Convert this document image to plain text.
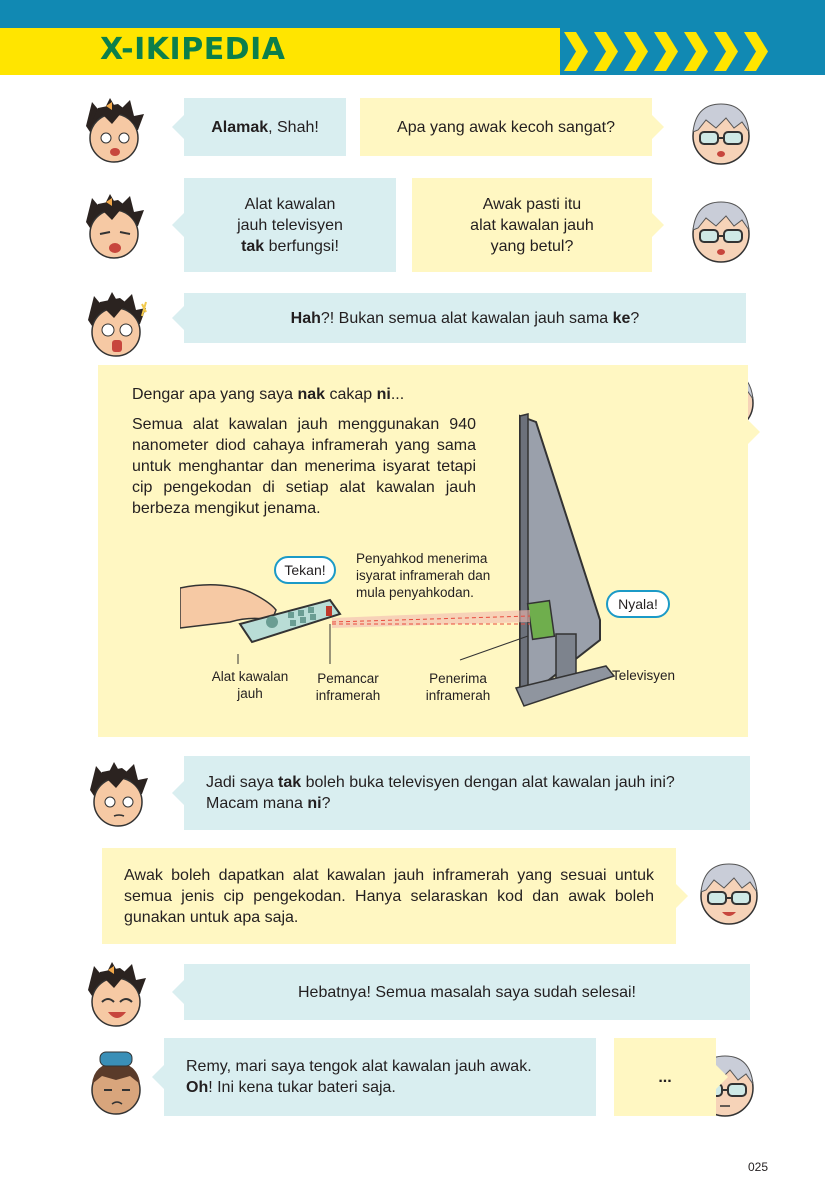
X-IKIPEDIA
Alamak, Shah!	Apa yang awak kecoh sangat?
Alat kawalan
jauh televisyen
tak berfungsi!
Awak pasti itu
alat kawalan jauh
yang betul?
Hah?! Bukan semua alat kawalan jauh sama ke?
Dengar apa yang saya nak cakap ni...
Semua alat kawalan jauh menggunakan 940 nanometer diod cahaya inframerah yang sama untuk menghantar dan menerima isyarat tetapi cip pengekodan di setiap alat kawalan jauh berbeza mengikut jenama.
Tekan!
Nyala!
Penyahkod menerima isyarat inframerah dan mula penyahkodan.
Alat kawalan jauh
Pemancar inframerah
Penerima inframerah
Televisyen
Jadi saya tak boleh buka televisyen dengan alat kawalan jauh ini?
Macam mana ni?
Awak boleh dapatkan alat kawalan jauh inframerah yang sesuai untuk semua jenis cip pengekodan. Hanya selaraskan kod dan awak boleh gunakan untuk apa saja.
Hebatnya! Semua masalah saya sudah selesai!
Remy, mari saya tengok alat kawalan jauh awak.
Oh! Ini kena tukar bateri saja.
...
025
